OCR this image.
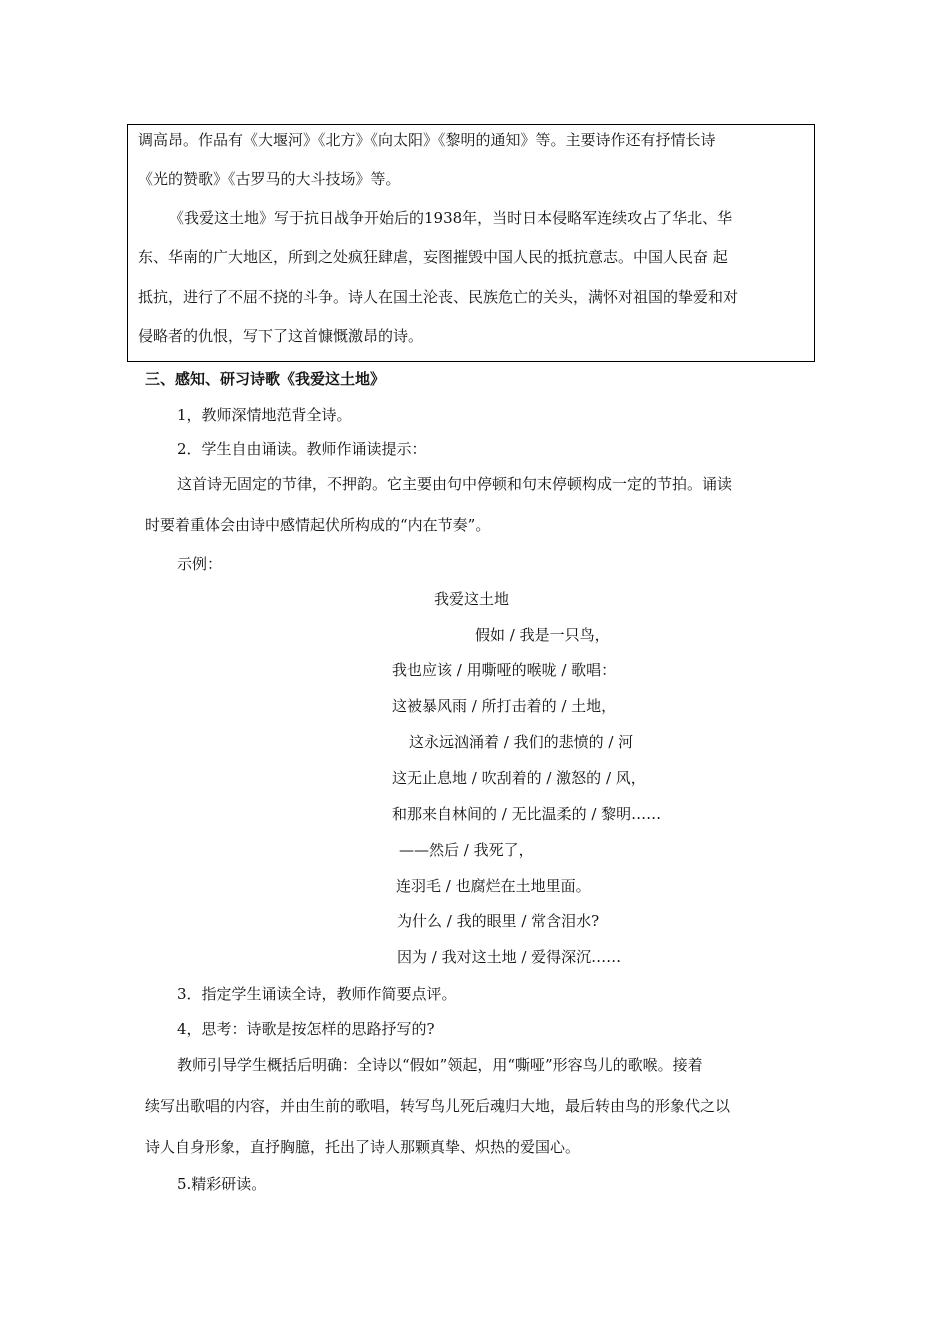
调高昂。作品有《大堰河》《北方》《向太阳》《黎明的通知》等。主要诗作还有抒情长诗
《光的赞歌》《古罗马的大斗技场》等。
《我爱这土地》写于抗日战争开始后的1938年，当时日本侵略军连续攻占了华北、华
东、华南的广大地区，所到之处疯狂肆虐，妄图摧毁中国人民的抵抗意志。中国人民奋 起
抵抗，进行了不屈不挠的斗争。诗人在国土沦丧、民族危亡的关头，满怀对祖国的挚爱和对
侵略者的仇恨，写下了这首慷慨激昂的诗。
三、感知、研习诗歌《我爱这土地》
1，教师深情地范背全诗。
2．学生自由诵读。教师作诵读提示：
这首诗无固定的节律，不押韵。它主要由句中停顿和句末停顿构成一定的节拍。诵读
时要着重体会由诗中感情起伏所构成的“内在节奏”。
示例：
我爱这土地
假如 / 我是一只鸟，
我也应该 / 用嘶哑的喉咙 / 歌唱：
这被暴风雨 / 所打击着的 / 土地，
这永远汹涌着 / 我们的悲愤的 / 河
这无止息地 / 吹刮着的 / 激怒的 / 风，
和那来自林间的 / 无比温柔的 / 黎明……
——然后 / 我死了，
连羽毛 / 也腐烂在土地里面。
为什么 / 我的眼里 / 常含泪水?
因为 / 我对这土地 / 爱得深沉……
3．指定学生诵读全诗，教师作简要点评。
4，思考：诗歌是按怎样的思路抒写的?
教师引导学生概括后明确：全诗以“假如”领起，用“嘶哑”形容鸟儿的歌喉。接着
续写出歌唱的内容，并由生前的歌唱，转写鸟儿死后魂归大地，最后转由鸟的形象代之以
诗人自身形象，直抒胸臆，托出了诗人那颗真挚、炽热的爱国心。
5.精彩研读。
